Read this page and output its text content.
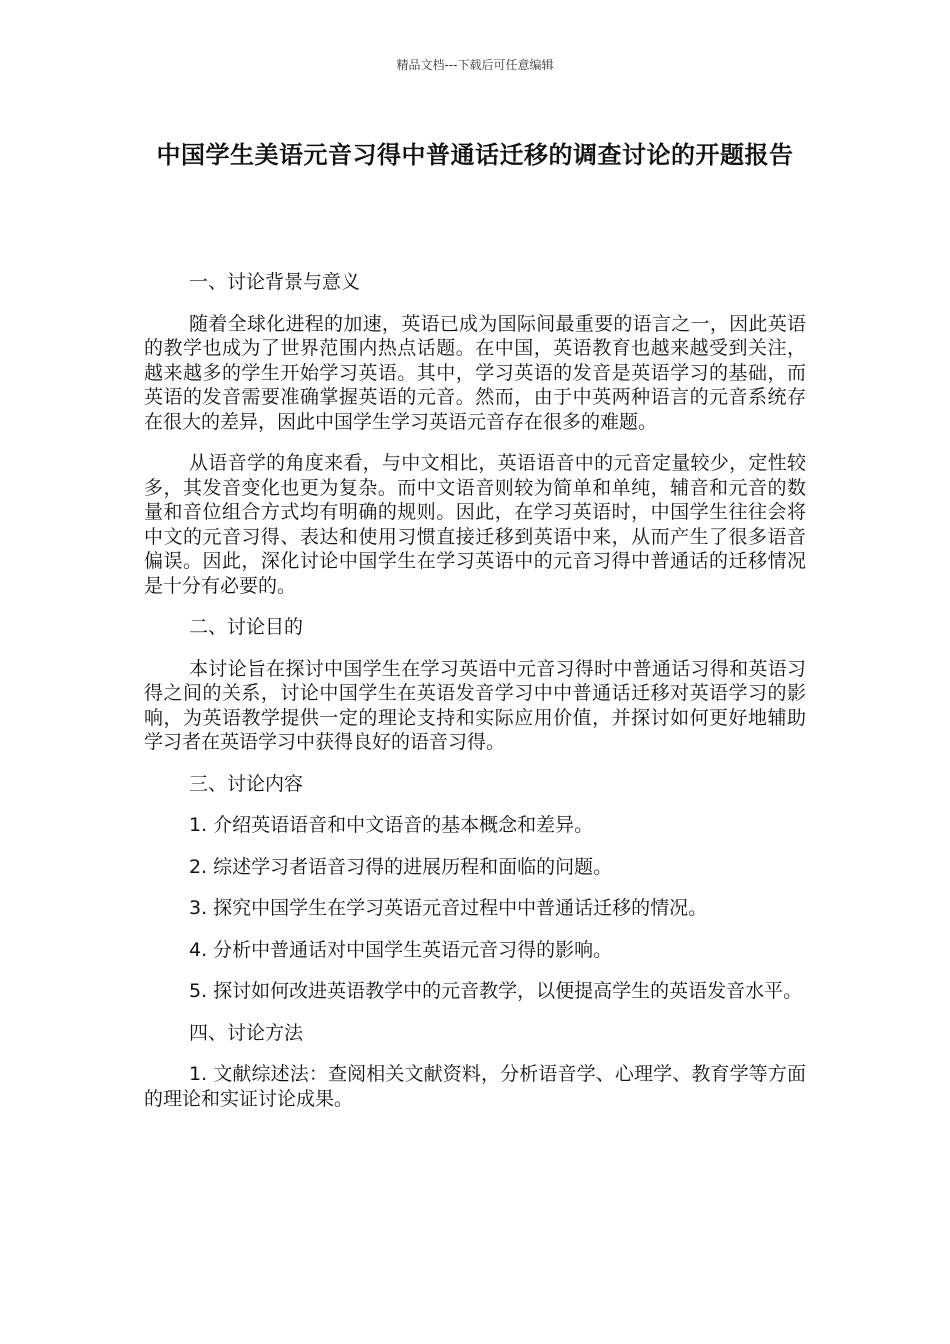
精品文档---下载后可任意编辑
中国学生美语元音习得中普通话迁移的调查讨论的开题报告

一、讨论背景与意义

随着全球化进程的加速，英语已成为国际间最重要的语言之一，因此英语的教学也成为了世界范围内热点话题。在中国，英语教育也越来越受到关注，越来越多的学生开始学习英语。其中，学习英语的发音是英语学习的基础，而英语的发音需要准确掌握英语的元音。然而，由于中英两种语言的元音系统存在很大的差异，因此中国学生学习英语元音存在很多的难题。

从语音学的角度来看，与中文相比，英语语音中的元音定量较少，定性较多，其发音变化也更为复杂。而中文语音则较为简单和单纯，辅音和元音的数量和音位组合方式均有明确的规则。因此，在学习英语时，中国学生往往会将中文的元音习得、表达和使用习惯直接迁移到英语中来，从而产生了很多语音偏误。因此，深化讨论中国学生在学习英语中的元音习得中普通话的迁移情况是十分有必要的。

二、讨论目的

本讨论旨在探讨中国学生在学习英语中元音习得时中普通话习得和英语习得之间的关系，讨论中国学生在英语发音学习中中普通话迁移对英语学习的影响，为英语教学提供一定的理论支持和实际应用价值，并探讨如何更好地辅助学习者在英语学习中获得良好的语音习得。

三、讨论内容

1. 介绍英语语音和中文语音的基本概念和差异。

2. 综述学习者语音习得的进展历程和面临的问题。

3. 探究中国学生在学习英语元音过程中中普通话迁移的情况。

4. 分析中普通话对中国学生英语元音习得的影响。

5. 探讨如何改进英语教学中的元音教学，以便提高学生的英语发音水平。

四、讨论方法

1. 文献综述法：查阅相关文献资料，分析语音学、心理学、教育学等方面的理论和实证讨论成果。
